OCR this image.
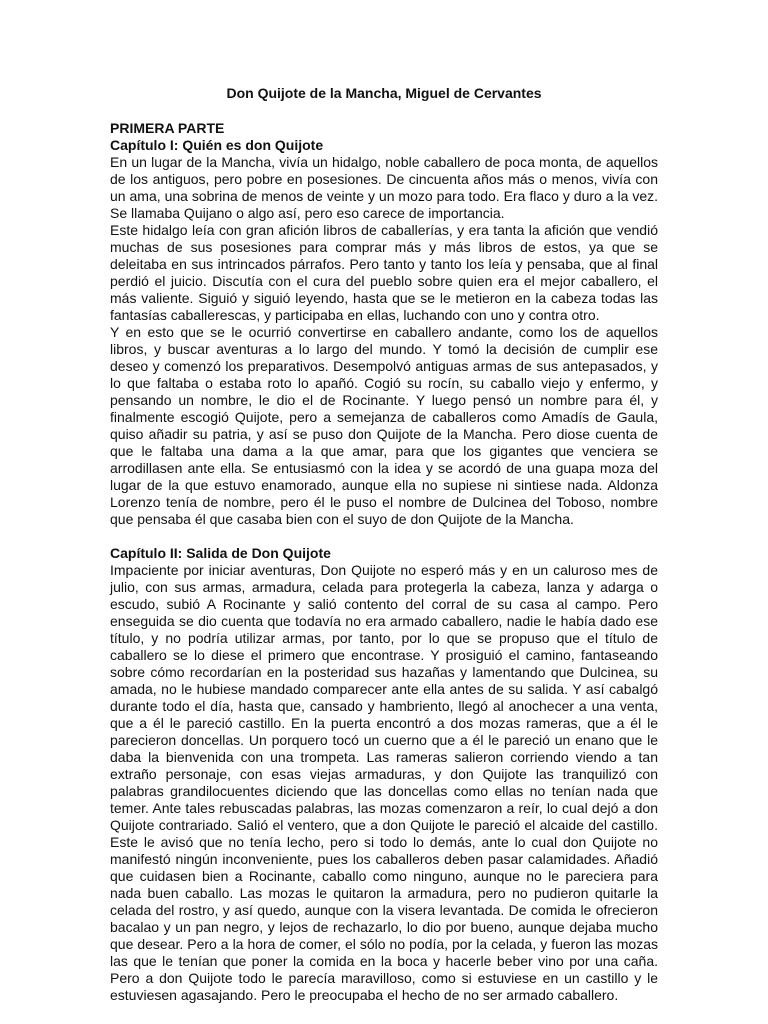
Don Quijote de la Mancha, Miguel de Cervantes
PRIMERA PARTE
Capítulo I: Quién es don Quijote

En un lugar de la Mancha, vivía un hidalgo, noble caballero de poca monta, de aquellos de los antiguos, pero pobre en posesiones. De cincuenta años más o menos, vivía con un ama, una sobrina de menos de veinte y un mozo para todo. Era flaco y duro a la vez. Se llamaba Quijano o algo así, pero eso carece de importancia.

Este hidalgo leía con gran afición libros de caballerías, y era tanta la afición que vendió muchas de sus posesiones para comprar más y más libros de estos, ya que se deleitaba en sus intrincados párrafos. Pero tanto y tanto los leía y pensaba, que al final perdió el juicio. Discutía con el cura del pueblo sobre quien era el mejor caballero, el más valiente. Siguió y siguió leyendo, hasta que se le metieron en la cabeza todas las fantasías caballerescas, y participaba en ellas, luchando con uno y contra otro.

Y en esto que se le ocurrió convertirse en caballero andante, como los de aquellos libros, y buscar aventuras a lo largo del mundo. Y tomó la decisión de cumplir ese deseo y comenzó los preparativos. Desempolvó antiguas armas de sus antepasados, y lo que faltaba o estaba roto lo apañó. Cogió su rocín, su caballo viejo y enfermo, y pensando un nombre, le dio el de Rocinante. Y luego pensó un nombre para él, y finalmente escogió Quijote, pero a semejanza de caballeros como Amadís de Gaula, quiso añadir su patria, y así se puso don Quijote de la Mancha. Pero diose cuenta de que le faltaba una dama a la que amar, para que los gigantes que venciera se arrodillasen ante ella. Se entusiasmó con la idea y se acordó de una guapa moza del lugar de la que estuvo enamorado, aunque ella no supiese ni sintiese nada. Aldonza Lorenzo tenía de nombre, pero él le puso el nombre de Dulcinea del Toboso, nombre que pensaba él que casaba bien con el suyo de don Quijote de la Mancha.

Capítulo II: Salida de Don Quijote

Impaciente por iniciar aventuras, Don Quijote no esperó más y en un caluroso mes de julio, con sus armas, armadura, celada para protegerla la cabeza, lanza y adarga o escudo, subió A Rocinante y salió contento del corral de su casa al campo. Pero enseguida se dio cuenta que todavía no era armado caballero, nadie le había dado ese título, y no podría utilizar armas, por tanto, por lo que se propuso que el título de caballero se lo diese el primero que encontrase. Y prosiguió el camino, fantaseando sobre cómo recordarían en la posteridad sus hazañas y lamentando que Dulcinea, su amada, no le hubiese mandado comparecer ante ella antes de su salida. Y así cabalgó durante todo el día, hasta que, cansado y hambriento, llegó al anochecer a una venta, que a él le pareció castillo. En la puerta encontró a dos mozas rameras, que a él le parecieron doncellas. Un porquero tocó un cuerno que a él le pareció un enano que le daba la bienvenida con una trompeta. Las rameras salieron corriendo viendo a tan extraño personaje, con esas viejas armaduras, y don Quijote las tranquilizó con palabras grandilocuentes diciendo que las doncellas como ellas no tenían nada que temer. Ante tales rebuscadas palabras, las mozas comenzaron a reír, lo cual dejó a don Quijote contrariado. Salió el ventero, que a don Quijote le pareció el alcaide del castillo. Este le avisó que no tenía lecho, pero si todo lo demás, ante lo cual don Quijote no manifestó ningún inconveniente, pues los caballeros deben pasar calamidades. Añadió que cuidasen bien a Rocinante, caballo como ninguno, aunque no le pareciera para nada buen caballo. Las mozas le quitaron la armadura, pero no pudieron quitarle la celada del rostro, y así quedo, aunque con la visera levantada. De comida le ofrecieron bacalao y un pan negro, y lejos de rechazarlo, lo dio por bueno, aunque dejaba mucho que desear. Pero a la hora de comer, el sólo no podía, por la celada, y fueron las mozas las que le tenían que poner la comida en la boca y hacerle beber vino por una caña. Pero a don Quijote todo le parecía maravilloso, como si estuviese en un castillo y le estuviesen agasajando. Pero le preocupaba el hecho de no ser armado caballero.
